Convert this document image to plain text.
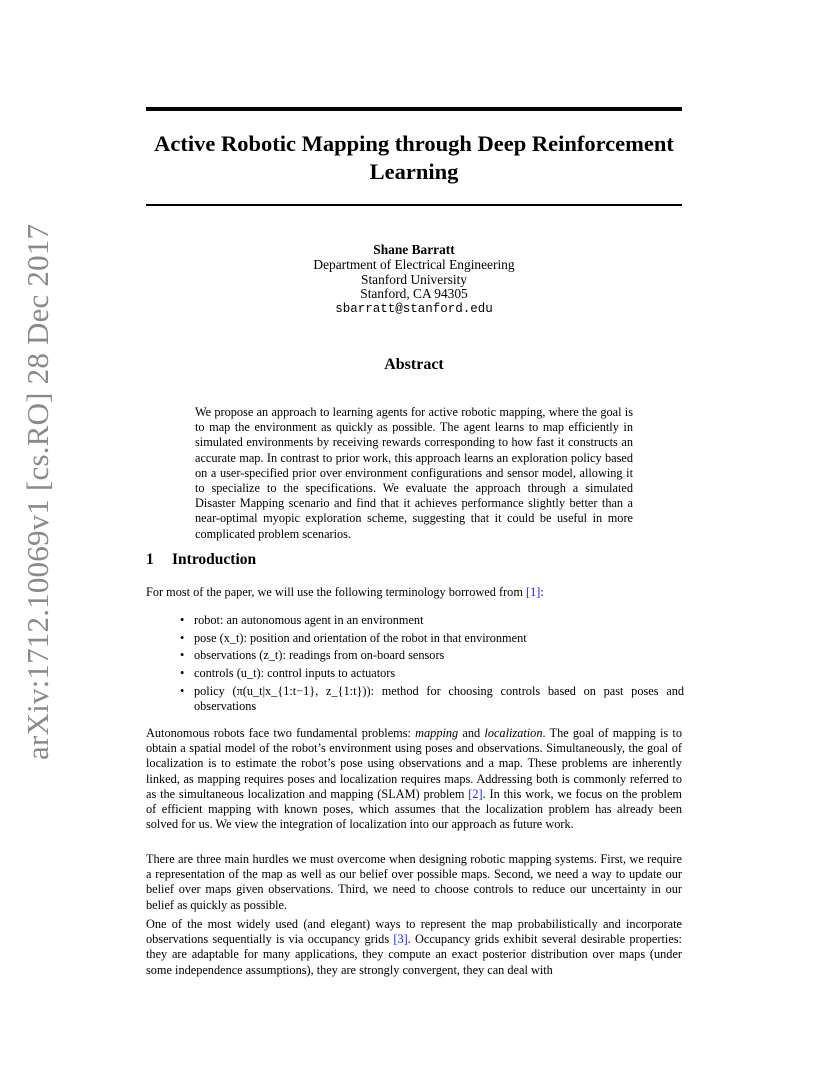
arXiv:1712.10069v1 [cs.RO] 28 Dec 2017
Active Robotic Mapping through Deep Reinforcement Learning
Shane Barratt
Department of Electrical Engineering
Stanford University
Stanford, CA 94305
sbarratt@stanford.edu
Abstract
We propose an approach to learning agents for active robotic mapping, where the goal is to map the environment as quickly as possible. The agent learns to map efficiently in simulated environments by receiving rewards corresponding to how fast it constructs an accurate map. In contrast to prior work, this approach learns an exploration policy based on a user-specified prior over environment configurations and sensor model, allowing it to specialize to the specifications. We evaluate the approach through a simulated Disaster Mapping scenario and find that it achieves performance slightly better than a near-optimal myopic exploration scheme, suggesting that it could be useful in more complicated problem scenarios.
1 Introduction
For most of the paper, we will use the following terminology borrowed from [1]:
• robot: an autonomous agent in an environment
• pose (x_t): position and orientation of the robot in that environment
• observations (z_t): readings from on-board sensors
• controls (u_t): control inputs to actuators
• policy (π(u_t|x_{1:t−1}, z_{1:t})): method for choosing controls based on past poses and observations
Autonomous robots face two fundamental problems: mapping and localization. The goal of mapping is to obtain a spatial model of the robot’s environment using poses and observations. Simultaneously, the goal of localization is to estimate the robot’s pose using observations and a map. These problems are inherently linked, as mapping requires poses and localization requires maps. Addressing both is commonly referred to as the simultaneous localization and mapping (SLAM) problem [2]. In this work, we focus on the problem of efficient mapping with known poses, which assumes that the localization problem has already been solved for us. We view the integration of localization into our approach as future work.
There are three main hurdles we must overcome when designing robotic mapping systems. First, we require a representation of the map as well as our belief over possible maps. Second, we need a way to update our belief over maps given observations. Third, we need to choose controls to reduce our uncertainty in our belief as quickly as possible.
One of the most widely used (and elegant) ways to represent the map probabilistically and incorporate observations sequentially is via occupancy grids [3]. Occupancy grids exhibit several desirable properties: they are adaptable for many applications, they compute an exact posterior distribution over maps (under some independence assumptions), they are strongly convergent, they can deal with
